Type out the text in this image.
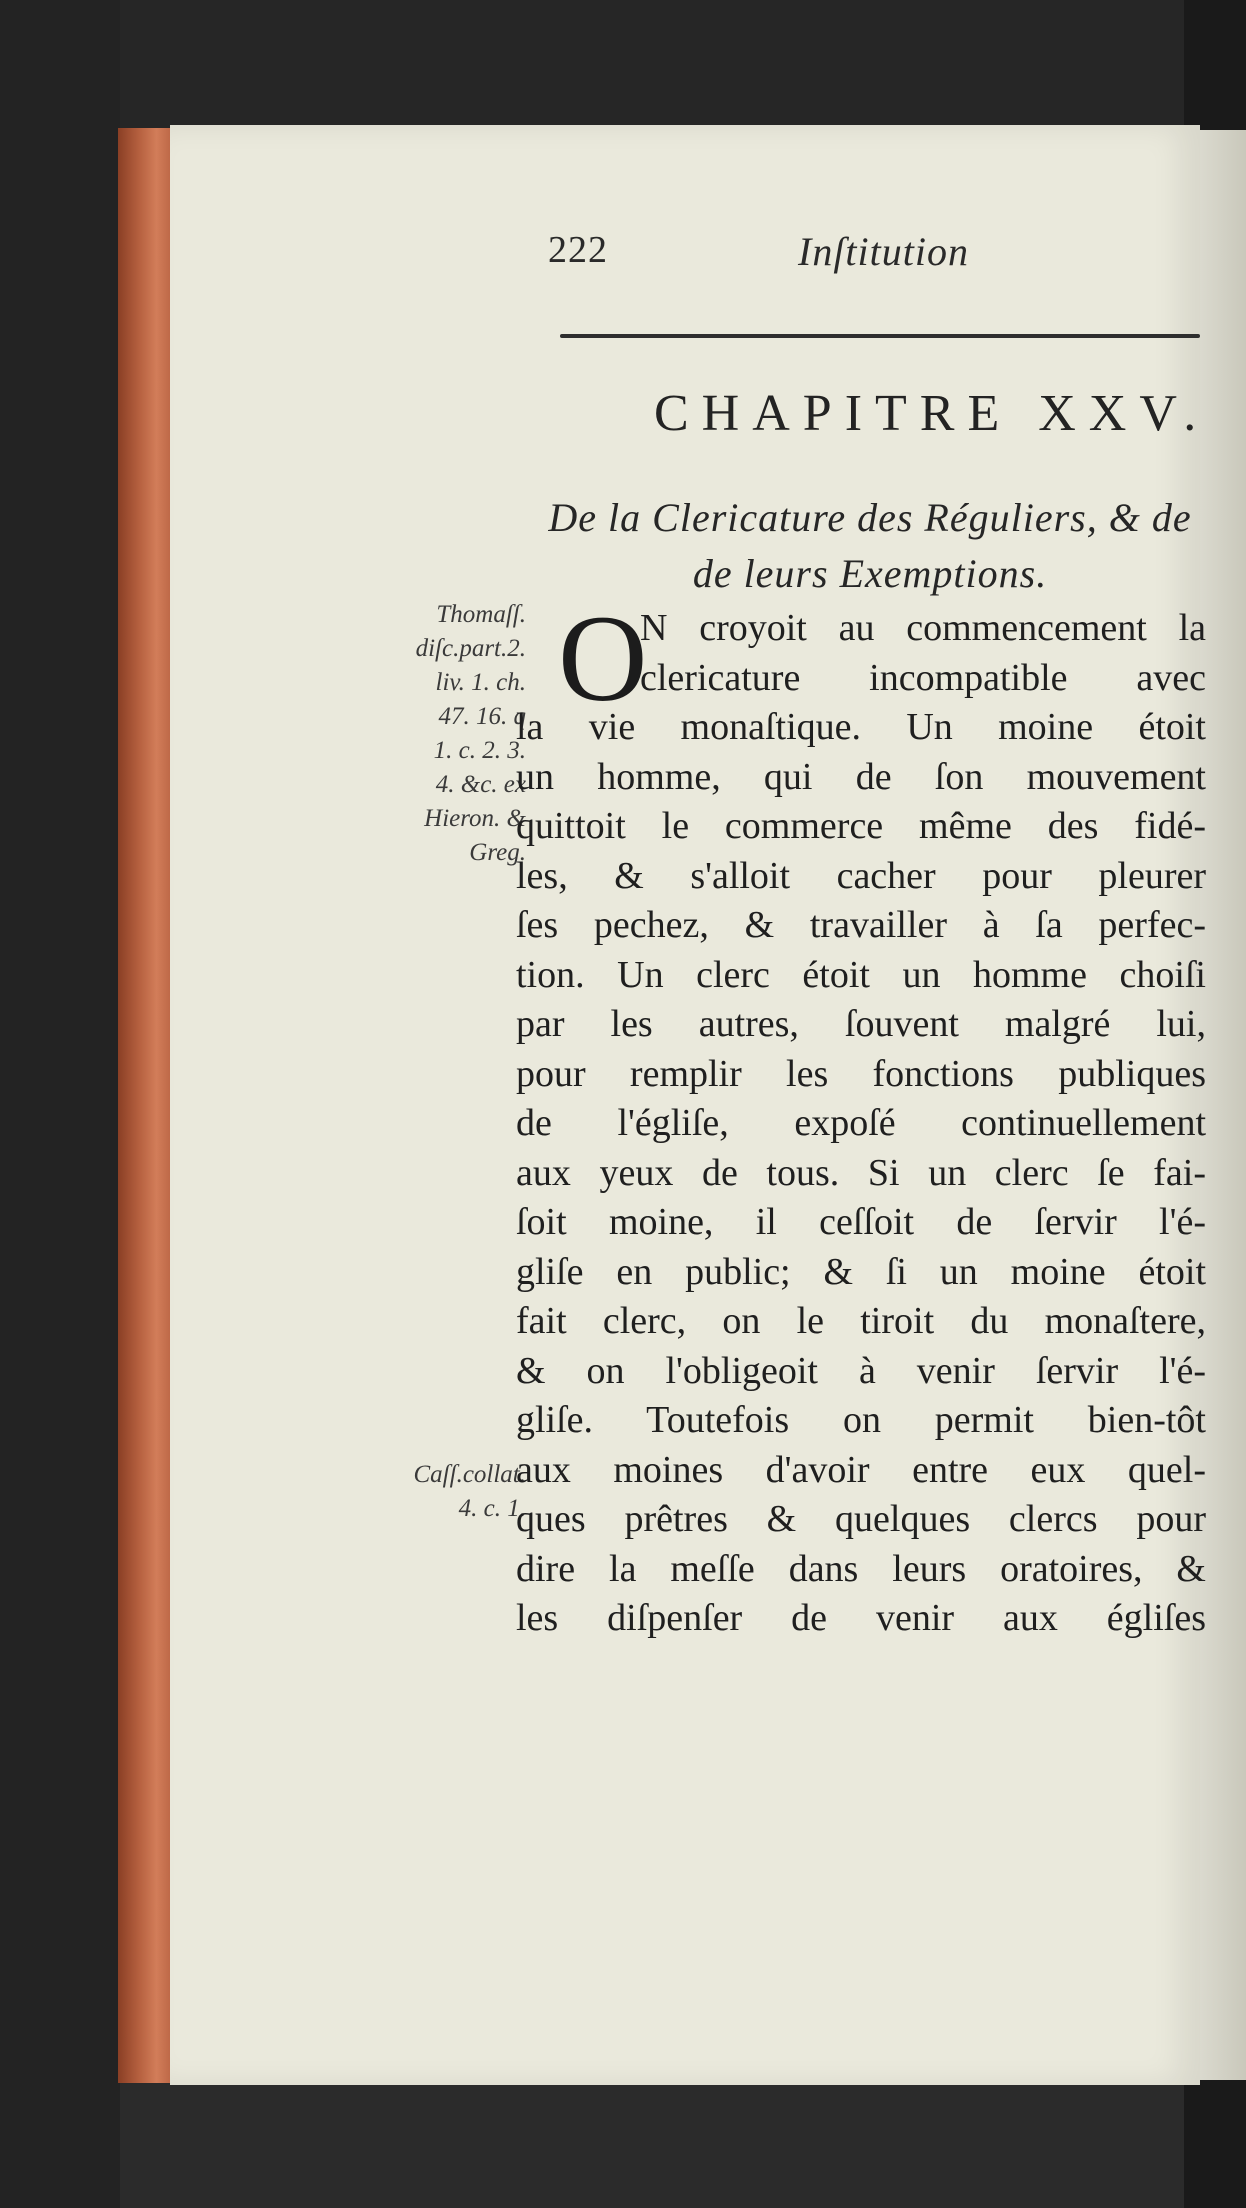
222	Inſtitution
CHAPITRE XXV.
De la Clericature des Réguliers, & de
de leurs Exemptions.
Thomaſſ.
diſc.part.2.
liv. 1. ch.
47. 16. q
1. c. 2. 3.
4. &c. ex
Hieron. &
Greg.
Caſſ.collat.
4. c. 1.
O
N croyoit au commencement la
clericature incompatible avec
la vie monaſtique. Un moine étoit
un homme, qui de ſon mouvement
quittoit le commerce même des fidé-
les, & s'alloit cacher pour pleurer
ſes pechez, & travailler à ſa perfec-
tion. Un clerc étoit un homme choiſi
par les autres, ſouvent malgré lui,
pour remplir les fonctions publiques
de l'égliſe, expoſé continuellement
aux yeux de tous. Si un clerc ſe fai-
ſoit moine, il ceſſoit de ſervir l'é-
gliſe en public; & ſi un moine étoit
fait clerc, on le tiroit du monaſtere,
& on l'obligeoit à venir ſervir l'é-
gliſe. Toutefois on permit bien-tôt
aux moines d'avoir entre eux quel-
ques prêtres & quelques clercs pour
dire la meſſe dans leurs oratoires, &
les diſpenſer de venir aux égliſes
